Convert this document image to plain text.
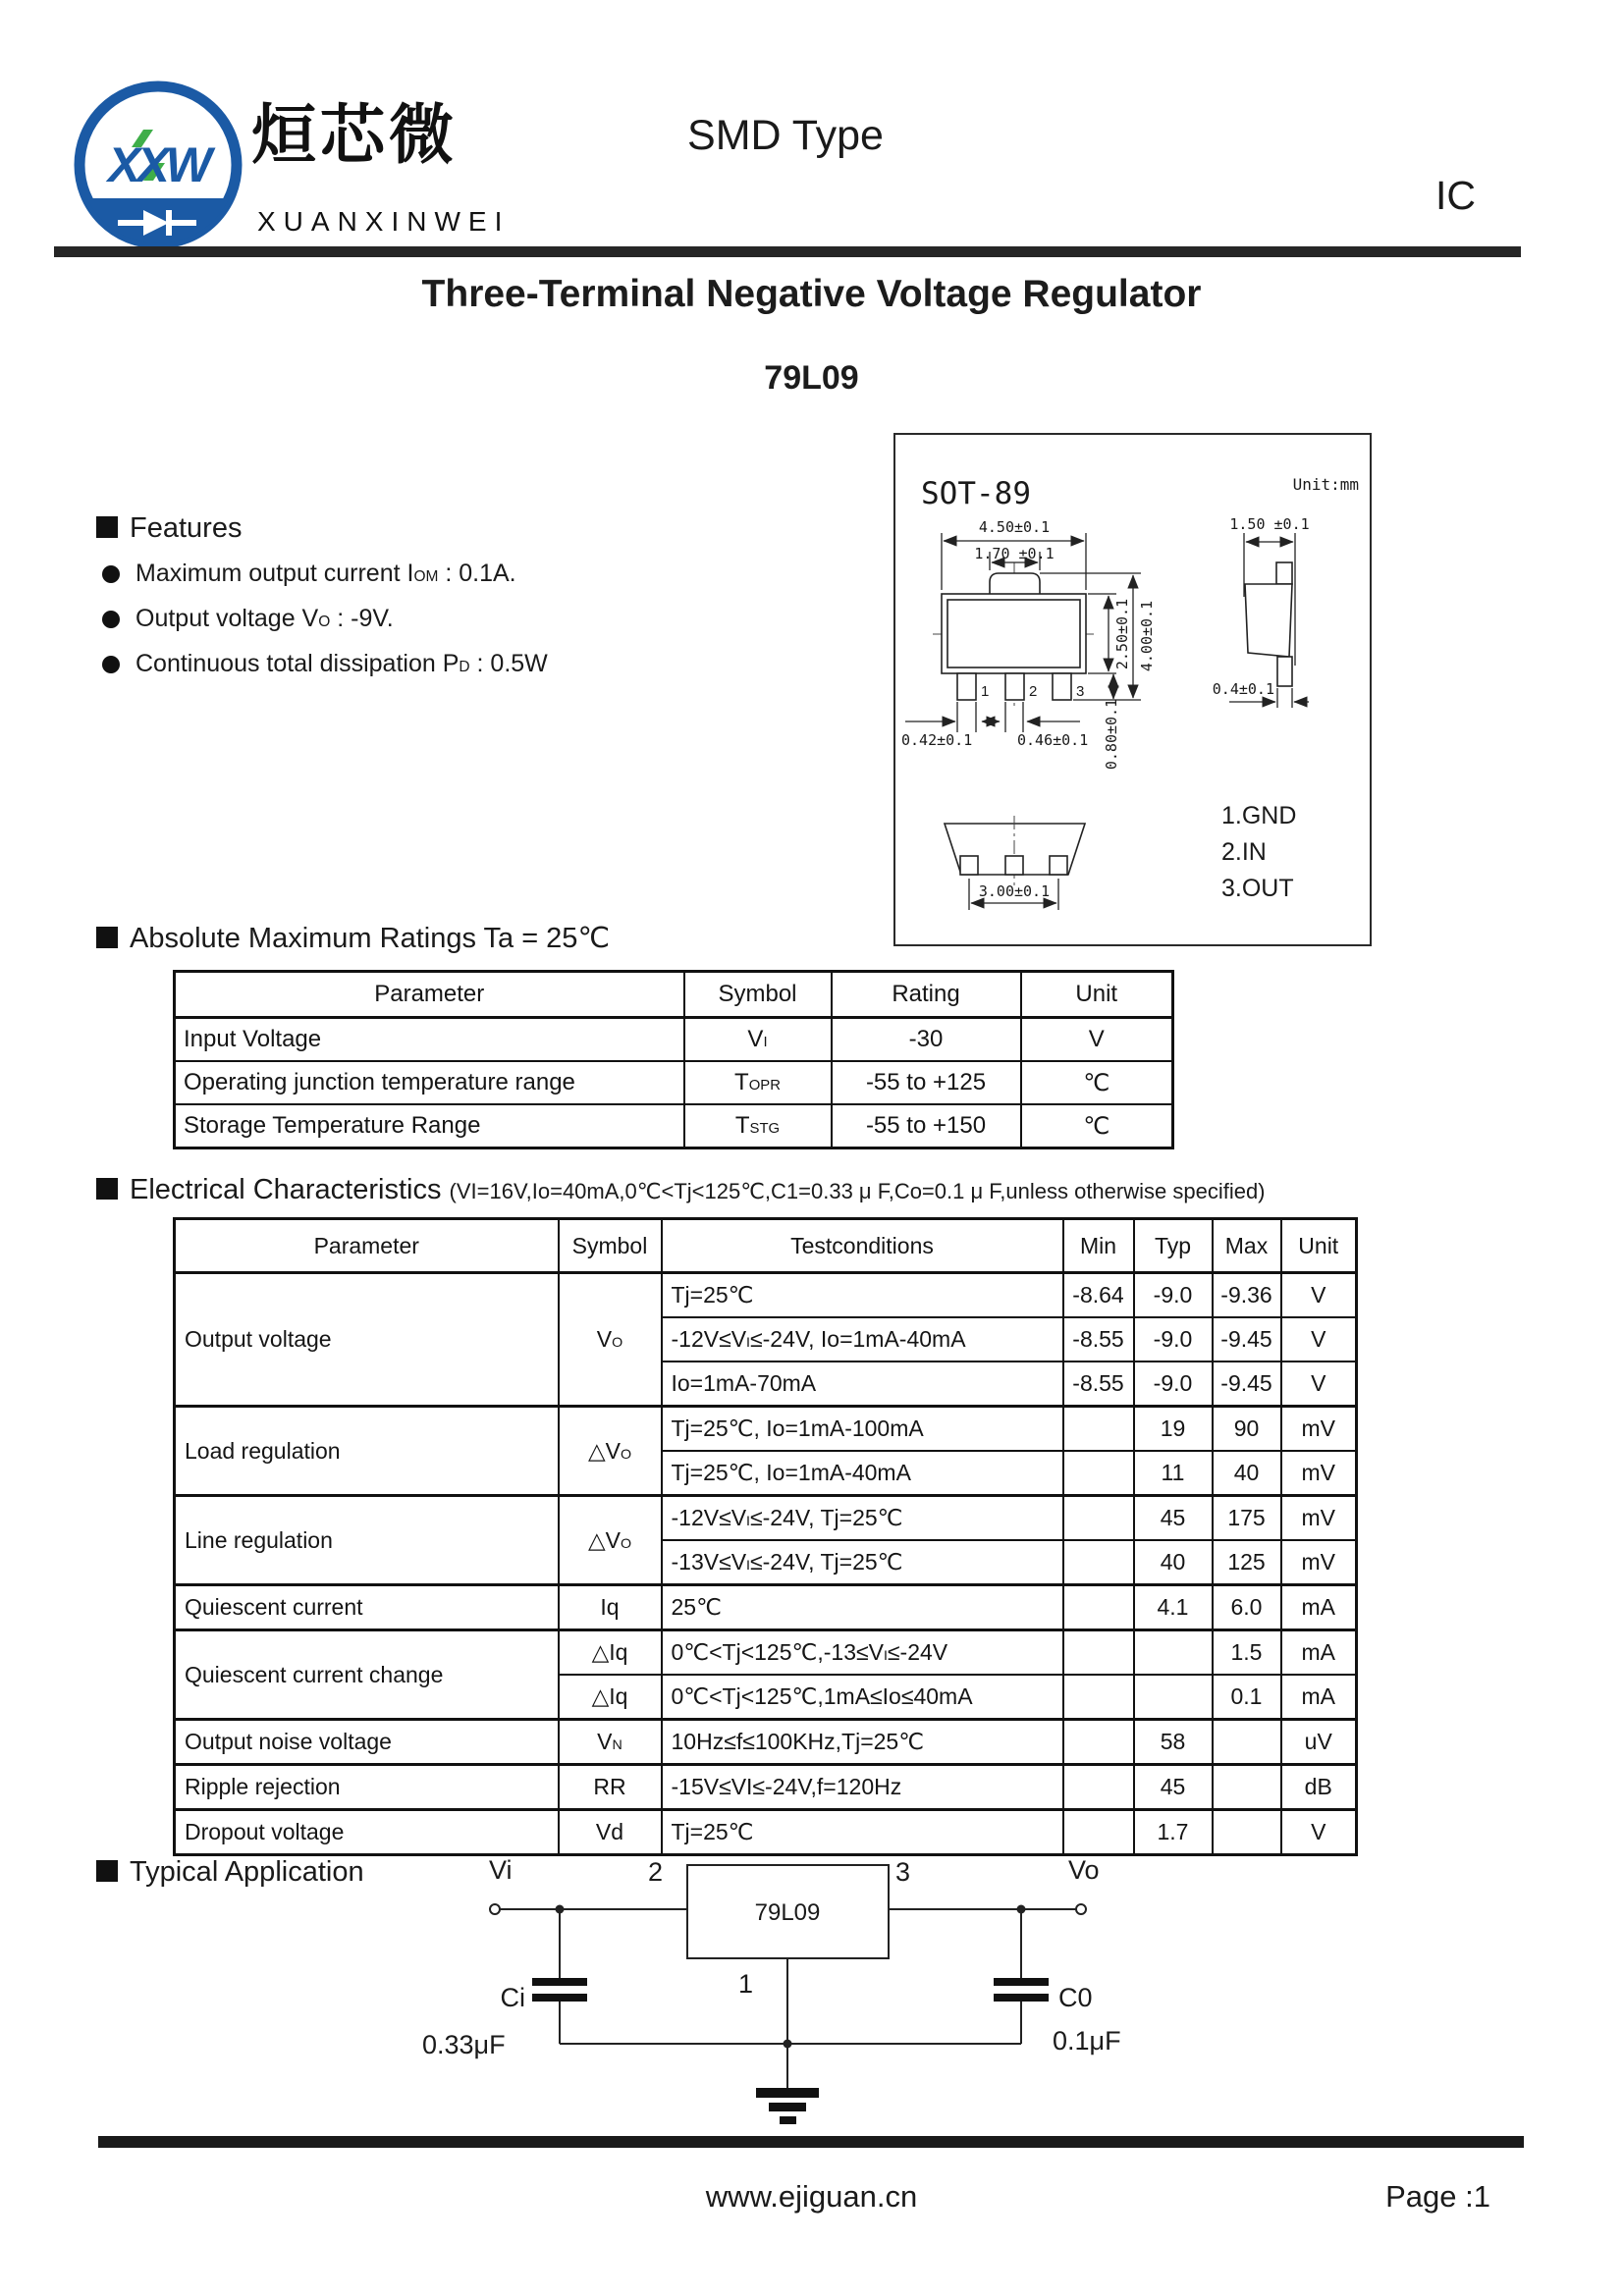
XXW 烜芯微
XUANXINWEI
SMD Type
IC
Three-Terminal Negative Voltage Regulator
79L09
Features
Maximum output current IOM : 0.1A.
Output voltage VO : -9V.
Continuous total dissipation PD : 0.5W
SOT-89	Unit:mm
1	2	3
4.50±0.1
1.70 ±0.1
2.50±0.1 4.00±0.1
0.80±0.1
0.42±0.1	0.46±0.1
1.50 ±0.1
0.4±0.1
3.00±0.1
1.GND
2.IN
3.OUT
Absolute Maximum Ratings Ta = 25℃
Parameter	Symbol	Rating	Unit
Input Voltage	VI	-30	V
Operating junction temperature range	TOPR	-55 to +125	℃
Storage Temperature Range	TSTG	-55 to +150	℃
Electrical Characteristics (VI=16V,Io=40mA,0℃<Tj<125℃,C1=0.33 μ F,Co=0.1 μ F,unless otherwise specified)
Parameter	Symbol	Testconditions	Min	Typ	Max	Unit
Output voltage	VO	Tj=25℃	-8.64	-9.0	-9.36	V
		-12V≤VI≤-24V, Io=1mA-40mA	-8.55	-9.0	-9.45	V
		Io=1mA-70mA	-8.55	-9.0	-9.45	V
Load regulation	△VO	Tj=25℃, Io=1mA-100mA		19	90	mV
		Tj=25℃, Io=1mA-40mA		11	40	mV
Line regulation	△VO	-12V≤VI≤-24V, Tj=25℃		45	175	mV
		-13V≤VI≤-24V, Tj=25℃		40	125	mV
Quiescent current	Iq	25℃		4.1	6.0	mA
Quiescent current change	△Iq	0℃<Tj<125℃,-13≤VI≤-24V			1.5	mA
	△Iq	0℃<Tj<125℃,1mA≤Io≤40mA			0.1	mA
Output noise voltage	VN	10Hz≤f≤100KHz,Tj=25℃		58		uV
Ripple rejection	RR	-15V≤VI≤-24V,f=120Hz		45		dB
Dropout voltage	Vd	Tj=25℃		1.7		V
Typical Application	Vi	2	3	Vo
79L09
Ci
0.33μF
C0
0.1μF
1
www.ejiguan.cn	Page :1
